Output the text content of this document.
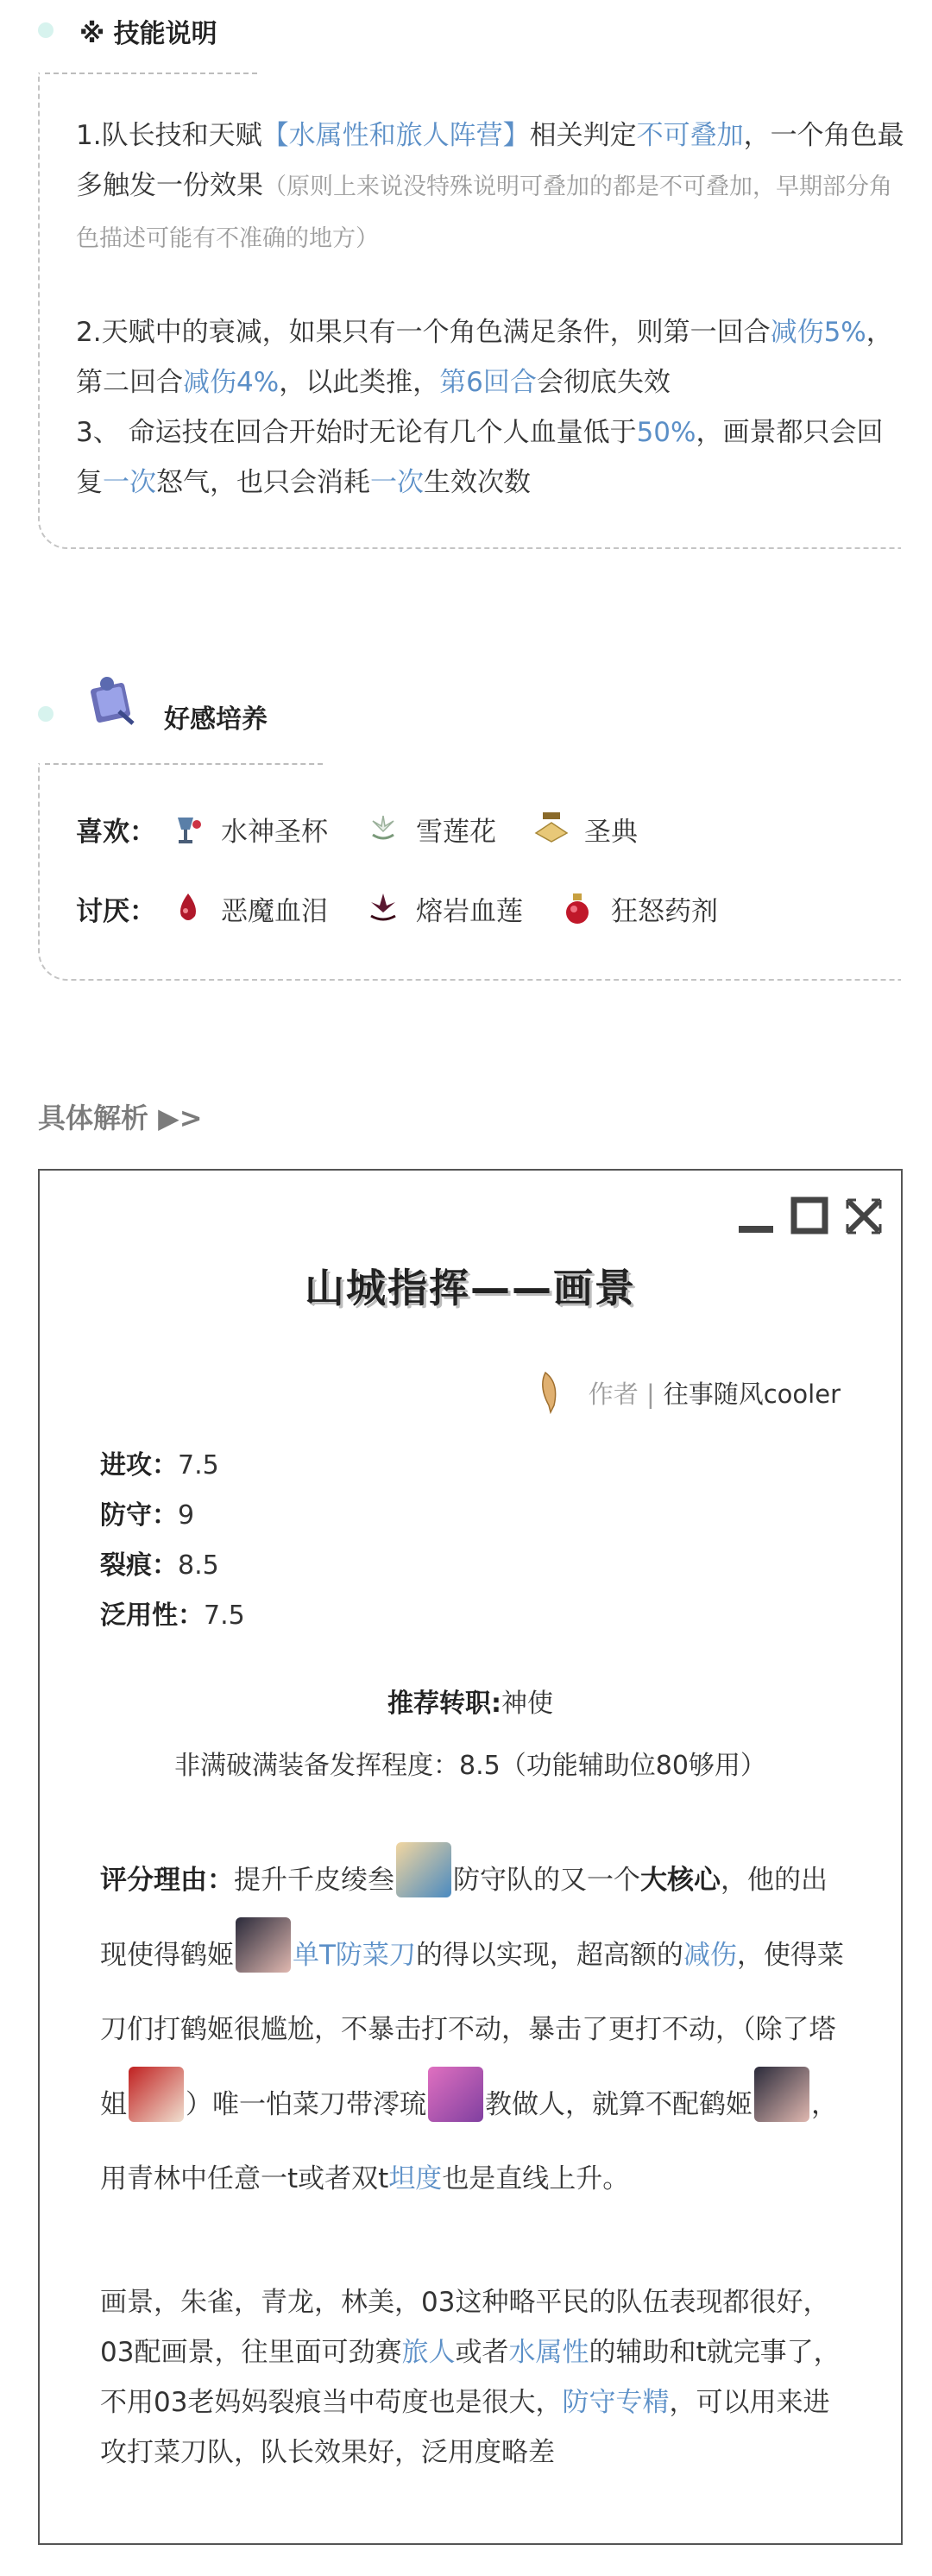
※ 技能说明

1.队长技和天赋【水属性和旅人阵营】相关判定不可叠加，一个角色最多触发一份效果（原则上来说没特殊说明可叠加的都是不可叠加，早期部分角色描述可能有不准确的地方）

2.天赋中的衰减，如果只有一个角色满足条件，则第一回合减伤5%，第二回合减伤4%，以此类推，第6回合会彻底失效

3、 命运技在回合开始时无论有几个人血量低于50%，画景都只会回复一次怒气，也只会消耗一次生效次数

好感培养
喜欢：	水神圣杯	雪莲花	圣典
讨厌：	恶魔血泪	熔岩血莲	狂怒药剂
具体解析 ▶>
山城指挥——画景
作者 | 往事随风cooler
进攻：7.5
防守：9
裂痕：8.5
泛用性：7.5
推荐转职:神使
非满破满装备发挥程度：8.5（功能辅助位80够用）

评分理由：提升千皮绫叁 防守队的又一个大核心，他的出现使得鹤姬 单T防菜刀的得以实现，超高额的减伤，使得菜刀们打鹤姬很尴尬，不暴击打不动，暴击了更打不动，（除了塔姐 ）唯一怕菜刀带澪琉 教做人，就算不配鹤姬 ，用青林中任意一t或者双t坦度也是直线上升。

画景，朱雀，青龙，林美，03这种略平民的队伍表现都很好，03配画景，往里面可劲赛旅人或者水属性的辅助和t就完事了，不用03老妈妈裂痕当中苟度也是很大，防守专精，可以用来进攻打菜刀队，队长效果好，泛用度略差
